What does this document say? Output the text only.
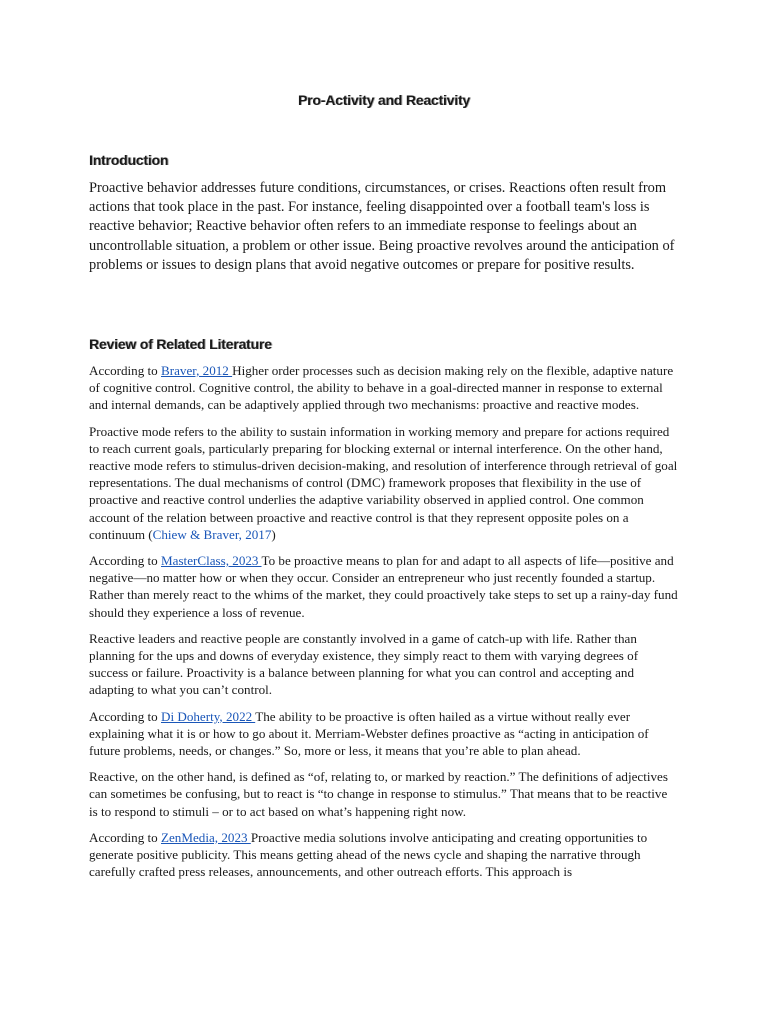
Pro-Activity and Reactivity
Introduction

Proactive behavior addresses future conditions, circumstances, or crises. Reactions often result from actions that took place in the past. For instance, feeling disappointed over a football team's loss is reactive behavior; Reactive behavior often refers to an immediate response to feelings about an uncontrollable situation, a problem or other issue. Being proactive revolves around the anticipation of problems or issues to design plans that avoid negative outcomes or prepare for positive results.

Review of Related Literature

According to Braver, 2012 Higher order processes such as decision making rely on the flexible, adaptive nature of cognitive control. Cognitive control, the ability to behave in a goal-directed manner in response to external and internal demands, can be adaptively applied through two mechanisms: proactive and reactive modes.

Proactive mode refers to the ability to sustain information in working memory and prepare for actions required to reach current goals, particularly preparing for blocking external or internal interference. On the other hand, reactive mode refers to stimulus-driven decision-making, and resolution of interference through retrieval of goal representations. The dual mechanisms of control (DMC) framework proposes that flexibility in the use of proactive and reactive control underlies the adaptive variability observed in applied control. One common account of the relation between proactive and reactive control is that they represent opposite poles on a continuum (Chiew & Braver, 2017)

According to MasterClass, 2023 To be proactive means to plan for and adapt to all aspects of life—positive and negative—no matter how or when they occur. Consider an entrepreneur who just recently founded a startup. Rather than merely react to the whims of the market, they could proactively take steps to set up a rainy-day fund should they experience a loss of revenue.

Reactive leaders and reactive people are constantly involved in a game of catch-up with life. Rather than planning for the ups and downs of everyday existence, they simply react to them with varying degrees of success or failure. Proactivity is a balance between planning for what you can control and accepting and adapting to what you can’t control.

According to Di Doherty, 2022 The ability to be proactive is often hailed as a virtue without really ever explaining what it is or how to go about it. Merriam-Webster defines proactive as “acting in anticipation of future problems, needs, or changes.” So, more or less, it means that you’re able to plan ahead.

Reactive, on the other hand, is defined as “of, relating to, or marked by reaction.” The definitions of adjectives can sometimes be confusing, but to react is “to change in response to stimulus.” That means that to be reactive is to respond to stimuli – or to act based on what’s happening right now.

According to ZenMedia, 2023 Proactive media solutions involve anticipating and creating opportunities to generate positive publicity. This means getting ahead of the news cycle and shaping the narrative through carefully crafted press releases, announcements, and other outreach efforts. This approach is
